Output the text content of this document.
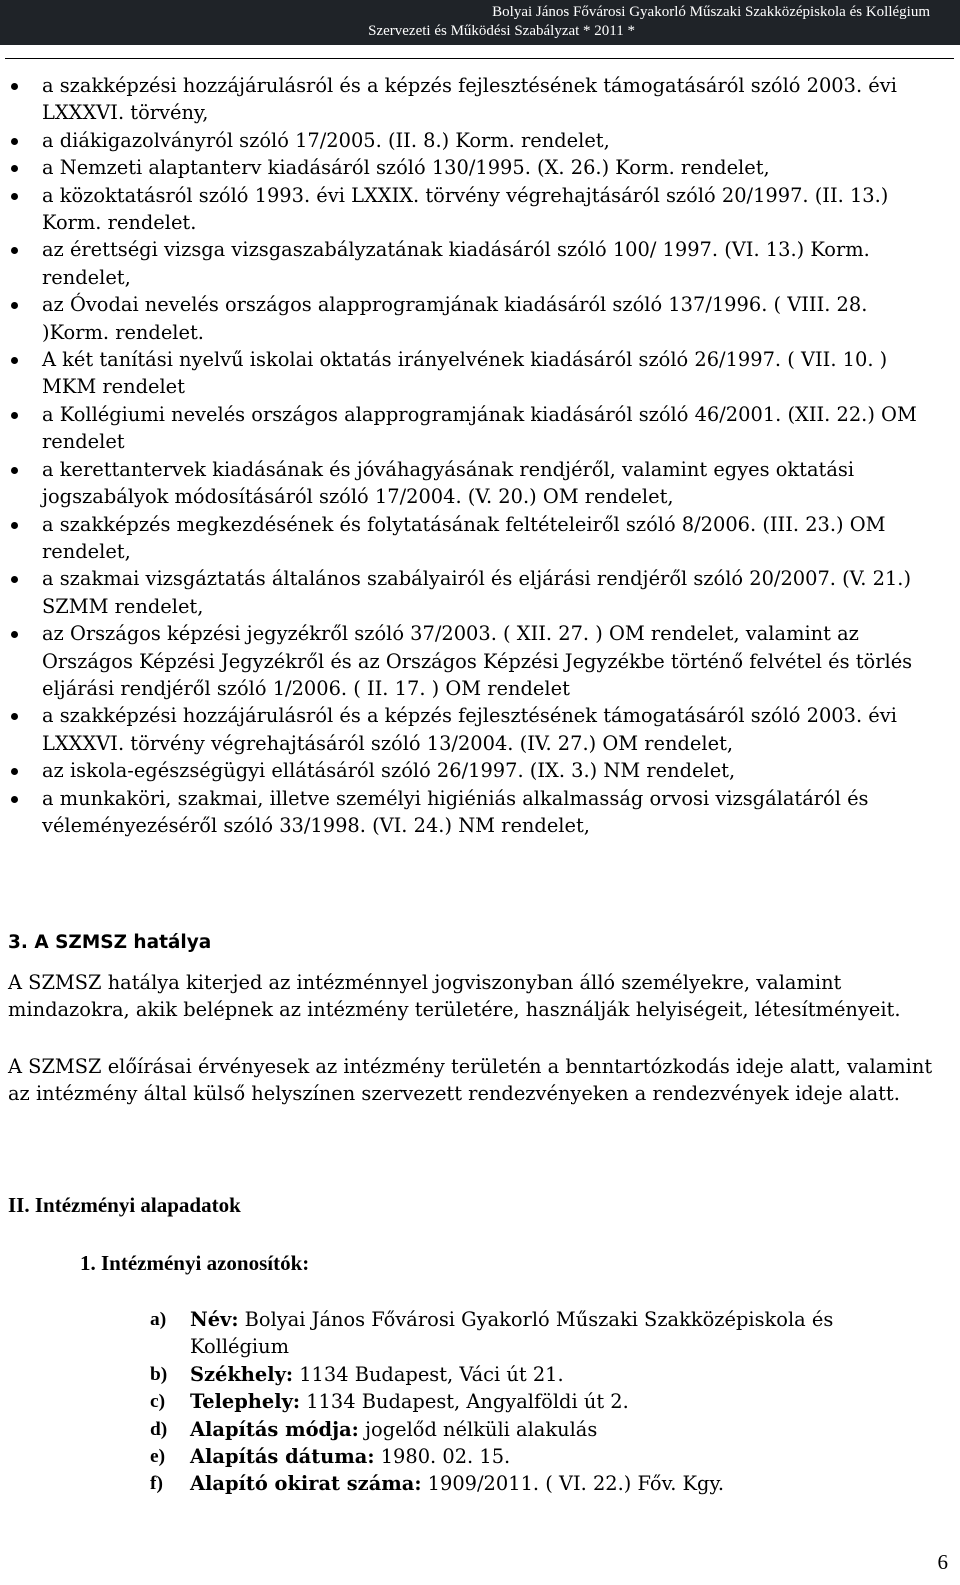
Bolyai János Fővárosi Gyakorló Műszaki Szakközépiskola és Kollégium
Szervezeti és Működési Szabályzat * 2011 *
a szakképzési hozzájárulásról és a képzés fejlesztésének támogatásáról szóló 2003. évi LXXXVI. törvény,
a diákigazolványról szóló 17/2005. (II. 8.) Korm. rendelet,
a Nemzeti alaptanterv kiadásáról szóló 130/1995. (X. 26.) Korm. rendelet,
a közoktatásról szóló 1993. évi LXXIX. törvény végrehajtásáról szóló 20/1997. (II. 13.) Korm. rendelet.
az érettségi vizsga vizsgaszabályzatának kiadásáról szóló 100/ 1997. (VI. 13.) Korm. rendelet,
az Óvodai nevelés országos alapprogramjának kiadásáról szóló 137/1996. ( VIII. 28. )Korm. rendelet.
A két tanítási nyelvű iskolai oktatás irányelvének kiadásáról szóló 26/1997. ( VII. 10. ) MKM rendelet
a Kollégiumi nevelés országos alapprogramjának kiadásáról szóló 46/2001. (XII. 22.) OM rendelet
a kerettantervek kiadásának és jóváhagyásának rendjéről, valamint egyes oktatási jogszabályok módosításáról szóló 17/2004. (V. 20.) OM rendelet,
a szakképzés megkezdésének és folytatásának feltételeiről szóló 8/2006. (III. 23.) OM rendelet,
a szakmai vizsgáztatás általános szabályairól és eljárási rendjéről szóló 20/2007. (V. 21.) SZMM rendelet,
az Országos képzési jegyzékről szóló 37/2003. ( XII. 27. ) OM rendelet, valamint az Országos Képzési Jegyzékről és az Országos Képzési Jegyzékbe történő felvétel és törlés eljárási rendjéről szóló 1/2006. ( II. 17. ) OM rendelet
a szakképzési hozzájárulásról és a képzés fejlesztésének támogatásáról szóló 2003. évi LXXXVI. törvény végrehajtásáról szóló 13/2004. (IV. 27.) OM rendelet,
az iskola-egészségügyi ellátásáról szóló 26/1997. (IX. 3.) NM rendelet,
a munkaköri, szakmai, illetve személyi higiéniás alkalmasság orvosi vizsgálatáról és véleményezéséről szóló 33/1998. (VI. 24.) NM rendelet,
3. A SZMSZ hatálya
A SZMSZ hatálya kiterjed az intézménnyel jogviszonyban álló személyekre, valamint mindazokra, akik belépnek az intézmény területére, használják helyiségeit, létesítményeit.
A SZMSZ előírásai érvényesek az intézmény területén a benntartózkodás ideje alatt, valamint az intézmény által külső helyszínen szervezett rendezvényeken a rendezvények ideje alatt.
II. Intézményi alapadatok
1. Intézményi azonosítók:
a) Név: Bolyai János Fővárosi Gyakorló Műszaki Szakközépiskola és Kollégium
b) Székhely: 1134 Budapest, Váci út 21.
c) Telephely: 1134 Budapest, Angyalföldi út 2.
d) Alapítás módja: jogelőd nélküli alakulás
e) Alapítás dátuma: 1980. 02. 15.
f) Alapító okirat száma: 1909/2011. ( VI. 22.) Főv. Kgy.
6
